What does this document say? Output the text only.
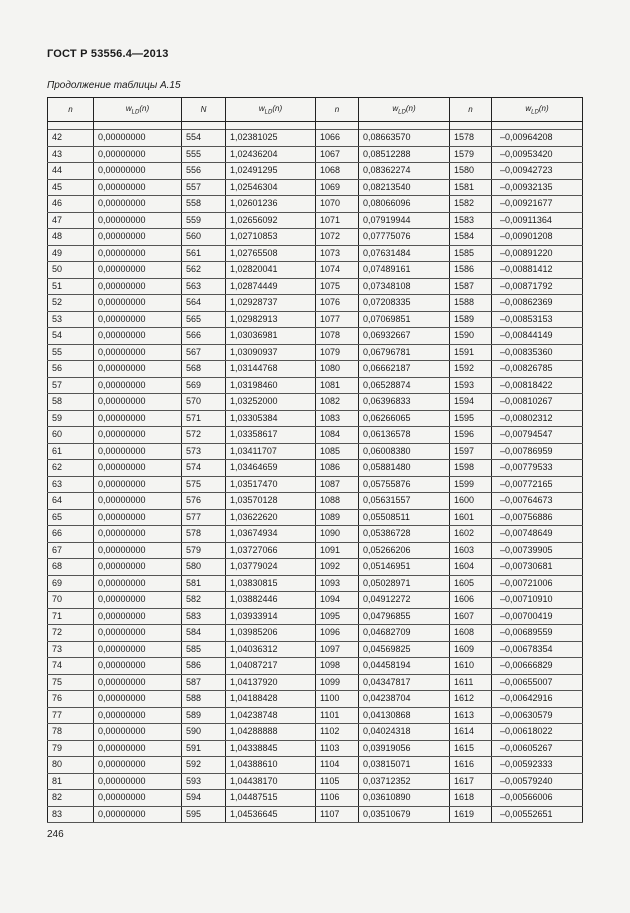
ГОСТ Р 53556.4—2013
Продолжение таблицы А.15
n	$w_{LD}(n)$	N	$w_{LD}(n)$	n	$w_{LD}(n)$	n	$w_{LD}(n)$

42	0,00000000	554	1,02381025	1066	0,08663570	1578	–0,00964208
43	0,00000000	555	1,02436204	1067	0,08512288	1579	–0,00953420
44	0,00000000	556	1,02491295	1068	0,08362274	1580	–0,00942723
45	0,00000000	557	1,02546304	1069	0,08213540	1581	–0,00932135
46	0,00000000	558	1,02601236	1070	0,08066096	1582	–0,00921677
47	0,00000000	559	1,02656092	1071	0,07919944	1583	–0,00911364
48	0,00000000	560	1,02710853	1072	0,07775076	1584	–0,00901208
49	0,00000000	561	1,02765508	1073	0,07631484	1585	–0,00891220
50	0,00000000	562	1,02820041	1074	0,07489161	1586	–0,00881412
51	0,00000000	563	1,02874449	1075	0,07348108	1587	–0,00871792
52	0,00000000	564	1,02928737	1076	0,07208335	1588	–0,00862369
53	0,00000000	565	1,02982913	1077	0,07069851	1589	–0,00853153
54	0,00000000	566	1,03036981	1078	0,06932667	1590	–0,00844149
55	0,00000000	567	1,03090937	1079	0,06796781	1591	–0,00835360
56	0,00000000	568	1,03144768	1080	0,06662187	1592	–0,00826785
57	0,00000000	569	1,03198460	1081	0,06528874	1593	–0,00818422
58	0,00000000	570	1,03252000	1082	0,06396833	1594	–0,00810267
59	0,00000000	571	1,03305384	1083	0,06266065	1595	–0,00802312
60	0,00000000	572	1,03358617	1084	0,06136578	1596	–0,00794547
61	0,00000000	573	1,03411707	1085	0,06008380	1597	–0,00786959
62	0,00000000	574	1,03464659	1086	0,05881480	1598	–0,00779533
63	0,00000000	575	1,03517470	1087	0,05755876	1599	–0,00772165
64	0,00000000	576	1,03570128	1088	0,05631557	1600	–0,00764673
65	0,00000000	577	1,03622620	1089	0,05508511	1601	–0,00756886
66	0,00000000	578	1,03674934	1090	0,05386728	1602	–0,00748649
67	0,00000000	579	1,03727066	1091	0,05266206	1603	–0,00739905
68	0,00000000	580	1,03779024	1092	0,05146951	1604	–0,00730681
69	0,00000000	581	1,03830815	1093	0,05028971	1605	–0,00721006
70	0,00000000	582	1,03882446	1094	0,04912272	1606	–0,00710910
71	0,00000000	583	1,03933914	1095	0,04796855	1607	–0,00700419
72	0,00000000	584	1,03985206	1096	0,04682709	1608	–0,00689559
73	0,00000000	585	1,04036312	1097	0,04569825	1609	–0,00678354
74	0,00000000	586	1,04087217	1098	0,04458194	1610	–0,00666829
75	0,00000000	587	1,04137920	1099	0,04347817	1611	–0,00655007
76	0,00000000	588	1,04188428	1100	0,04238704	1612	–0,00642916
77	0,00000000	589	1,04238748	1101	0,04130868	1613	–0,00630579
78	0,00000000	590	1,04288888	1102	0,04024318	1614	–0,00618022
79	0,00000000	591	1,04338845	1103	0,03919056	1615	–0,00605267
80	0,00000000	592	1,04388610	1104	0,03815071	1616	–0,00592333
81	0,00000000	593	1,04438170	1105	0,03712352	1617	–0,00579240
82	0,00000000	594	1,04487515	1106	0,03610890	1618	–0,00566006
83	0,00000000	595	1,04536645	1107	0,03510679	1619	–0,00552651
246
